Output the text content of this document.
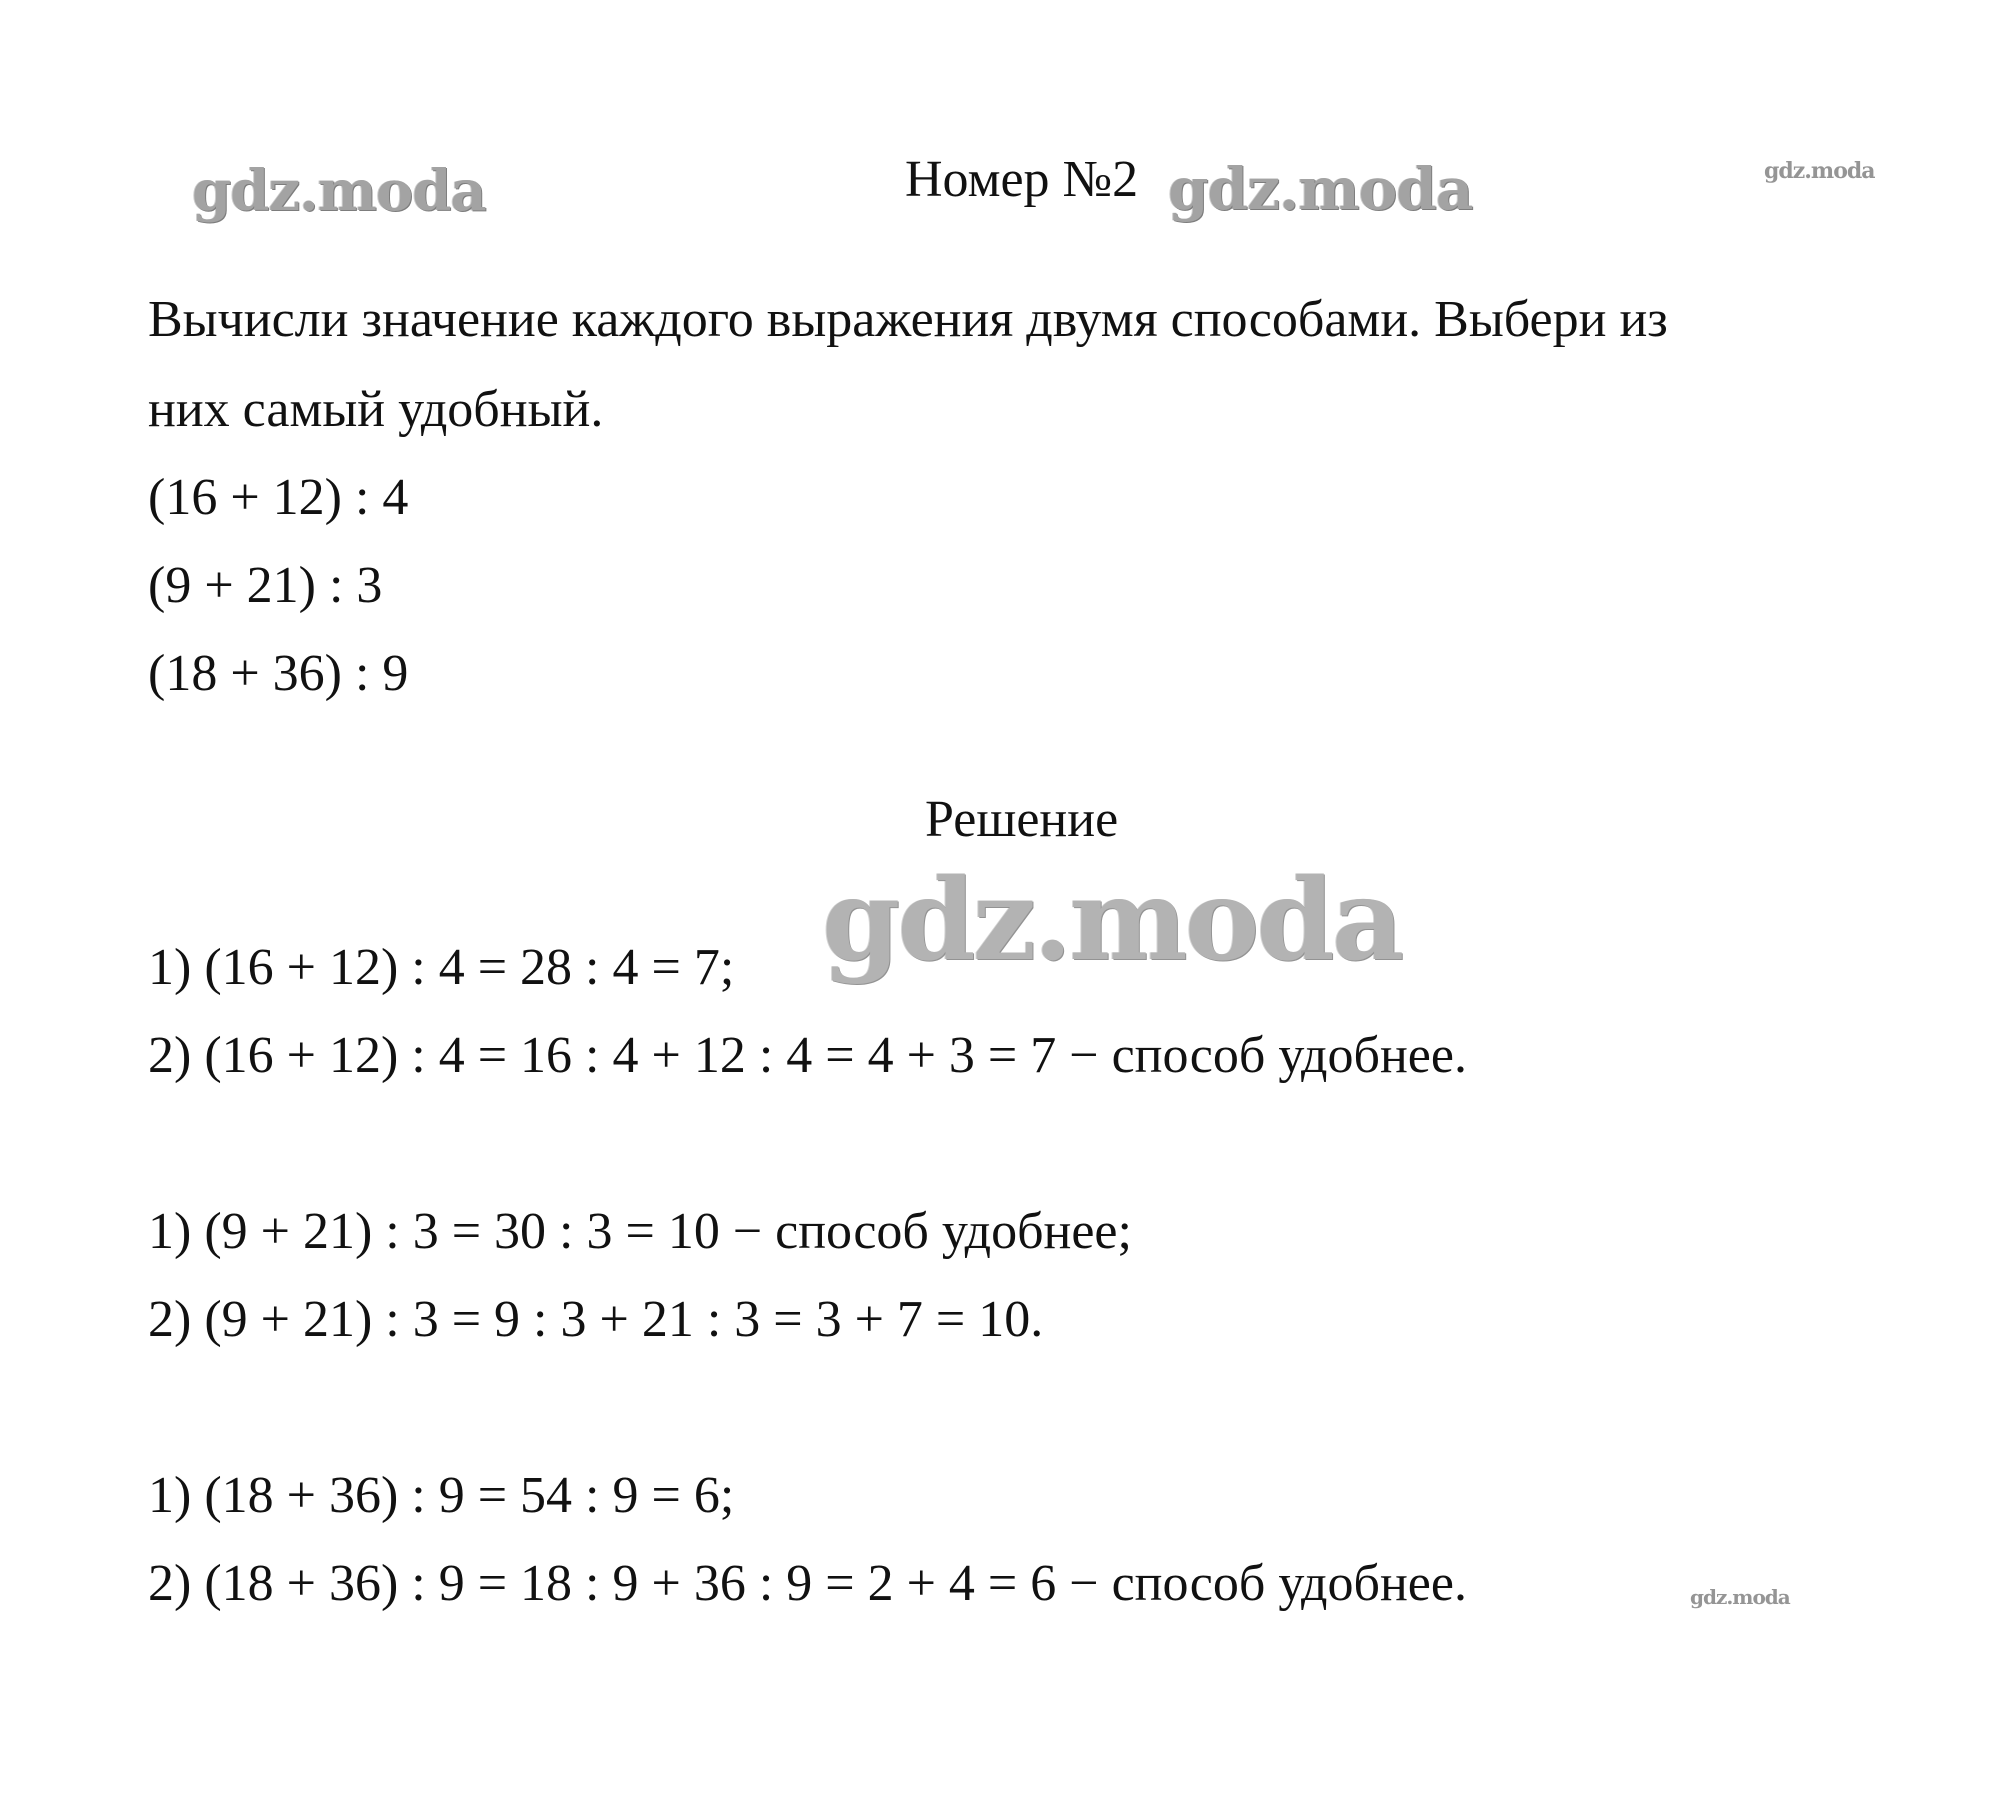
gdz.moda	gdz.moda	gdz.moda
gdz.moda
gdz.moda
Номер №2
Вычисли значение каждого выражения двумя способами. Выбери из
них самый удобный.
(16 + 12) : 4
(9 + 21) : 3
(18 + 36) : 9
Решение
1) (16 + 12) : 4 = 28 : 4 = 7;
2) (16 + 12) : 4 = 16 : 4 + 12 : 4 = 4 + 3 = 7 − способ удобнее.
1) (9 + 21) : 3 = 30 : 3 = 10 − способ удобнее;
2) (9 + 21) : 3 = 9 : 3 + 21 : 3 = 3 + 7 = 10.
1) (18 + 36) : 9 = 54 : 9 = 6;
2) (18 + 36) : 9 = 18 : 9 + 36 : 9 = 2 + 4 = 6 − способ удобнее.
